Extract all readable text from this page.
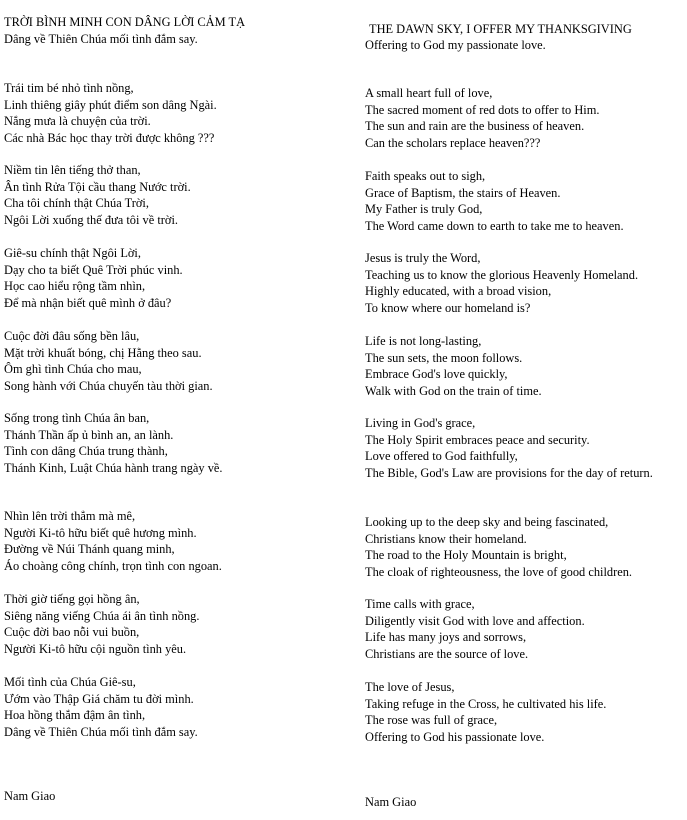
TRỜI BÌNH MINH CON DÂNG LỜI CẢM TẠ
Dâng về Thiên Chúa mối tình đắm say.
Trái tim bé nhỏ tình nồng,
Linh thiêng giây phút điểm son dâng Ngài.
Nắng mưa là chuyện của trời.
Các nhà Bác học thay trời được không ???
Niềm tin lên tiếng thở than,
Ân tình Rửa Tội cầu thang Nước trời.
Cha tôi chính thật Chúa Trời,
Ngôi Lời xuống thế đưa tôi về trời.
Giê-su chính thật Ngôi Lời,
Dạy cho ta biết Quê Trời phúc vinh.
Học cao hiểu rộng tầm nhìn,
Để mà nhận biết quê mình ở đâu?
Cuộc đời đâu sống bền lâu,
Mặt trời khuất bóng, chị Hằng theo sau.
Ôm ghì tình Chúa cho mau,
Song hành với Chúa chuyến tàu thời gian.
Sống trong tình Chúa ân ban,
Thánh Thần ấp ủ bình an, an lành.
Tình con dâng Chúa trung thành,
Thánh Kinh, Luật Chúa hành trang ngày về.
Nhìn lên trời thẳm mà mê,
Người Ki-tô hữu biết quê hương mình.
Đường về Núi Thánh quang minh,
Áo choàng công chính, trọn tình con ngoan.
Thời giờ tiếng gọi hồng ân,
Siêng năng viếng Chúa ái ân tình nồng.
Cuộc đời bao nỗi vui buồn,
Người Ki-tô hữu cội nguồn tình yêu.
Mối tình của Chúa Giê-su,
Ướm vào Thập Giá chăm tu đời mình.
Hoa hồng thắm đậm ân tình,
Dâng về Thiên Chúa mối tình đắm say.
Nam Giao
THE DAWN SKY, I OFFER MY THANKSGIVING
Offering to God my passionate love.
A small heart full of love,
The sacred moment of red dots to offer to Him.
The sun and rain are the business of heaven.
Can the scholars replace heaven???
Faith speaks out to sigh,
Grace of Baptism, the stairs of Heaven.
My Father is truly God,
The Word came down to earth to take me to heaven.
Jesus is truly the Word,
Teaching us to know the glorious Heavenly Homeland.
Highly educated, with a broad vision,
To know where our homeland is?
Life is not long-lasting,
The sun sets, the moon follows.
Embrace God's love quickly,
Walk with God on the train of time.
Living in God's grace,
The Holy Spirit embraces peace and security.
Love offered to God faithfully,
The Bible, God's Law are provisions for the day of return.
Looking up to the deep sky and being fascinated,
Christians know their homeland.
The road to the Holy Mountain is bright,
The cloak of righteousness, the love of good children.
Time calls with grace,
Diligently visit God with love and affection.
Life has many joys and sorrows,
Christians are the source of love.
The love of Jesus,
Taking refuge in the Cross, he cultivated his life.
The rose was full of grace,
Offering to God his passionate love.
Nam Giao
